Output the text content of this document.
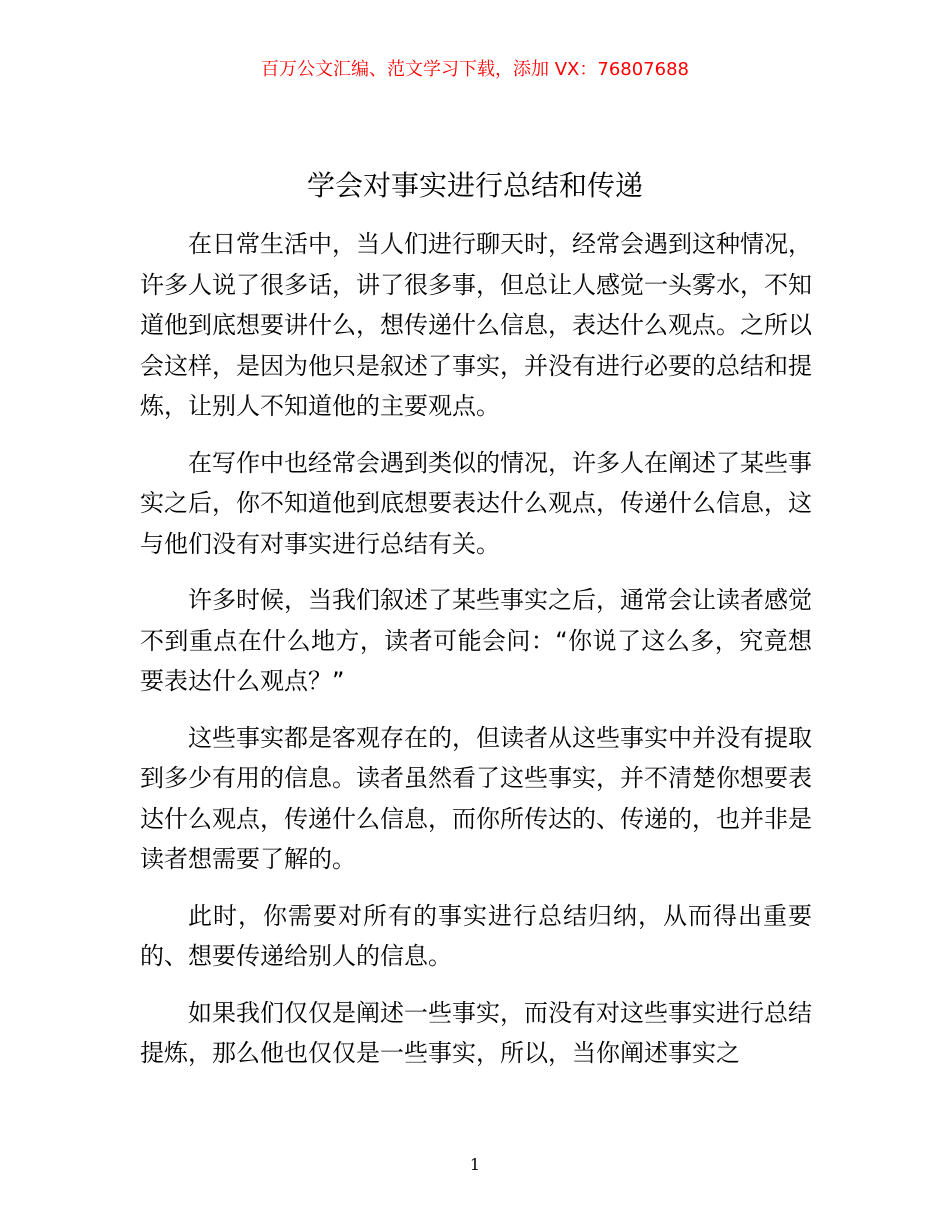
百万公文汇编、范文学习下载，添加 VX：76807688
学会对事实进行总结和传递

在日常生活中，当人们进行聊天时，经常会遇到这种情况，许多人说了很多话，讲了很多事，但总让人感觉一头雾水，不知道他到底想要讲什么，想传递什么信息，表达什么观点。之所以会这样，是因为他只是叙述了事实，并没有进行必要的总结和提炼，让别人不知道他的主要观点。

在写作中也经常会遇到类似的情况，许多人在阐述了某些事实之后，你不知道他到底想要表达什么观点，传递什么信息，这与他们没有对事实进行总结有关。

许多时候，当我们叙述了某些事实之后，通常会让读者感觉不到重点在什么地方，读者可能会问：“你说了这么多，究竟想要表达什么观点？”

这些事实都是客观存在的，但读者从这些事实中并没有提取到多少有用的信息。读者虽然看了这些事实，并不清楚你想要表达什么观点，传递什么信息，而你所传达的、传递的，也并非是读者想需要了解的。

此时，你需要对所有的事实进行总结归纳，从而得出重要的、想要传递给别人的信息。

如果我们仅仅是阐述一些事实，而没有对这些事实进行总结提炼，那么他也仅仅是一些事实，所以，当你阐述事实之

1
